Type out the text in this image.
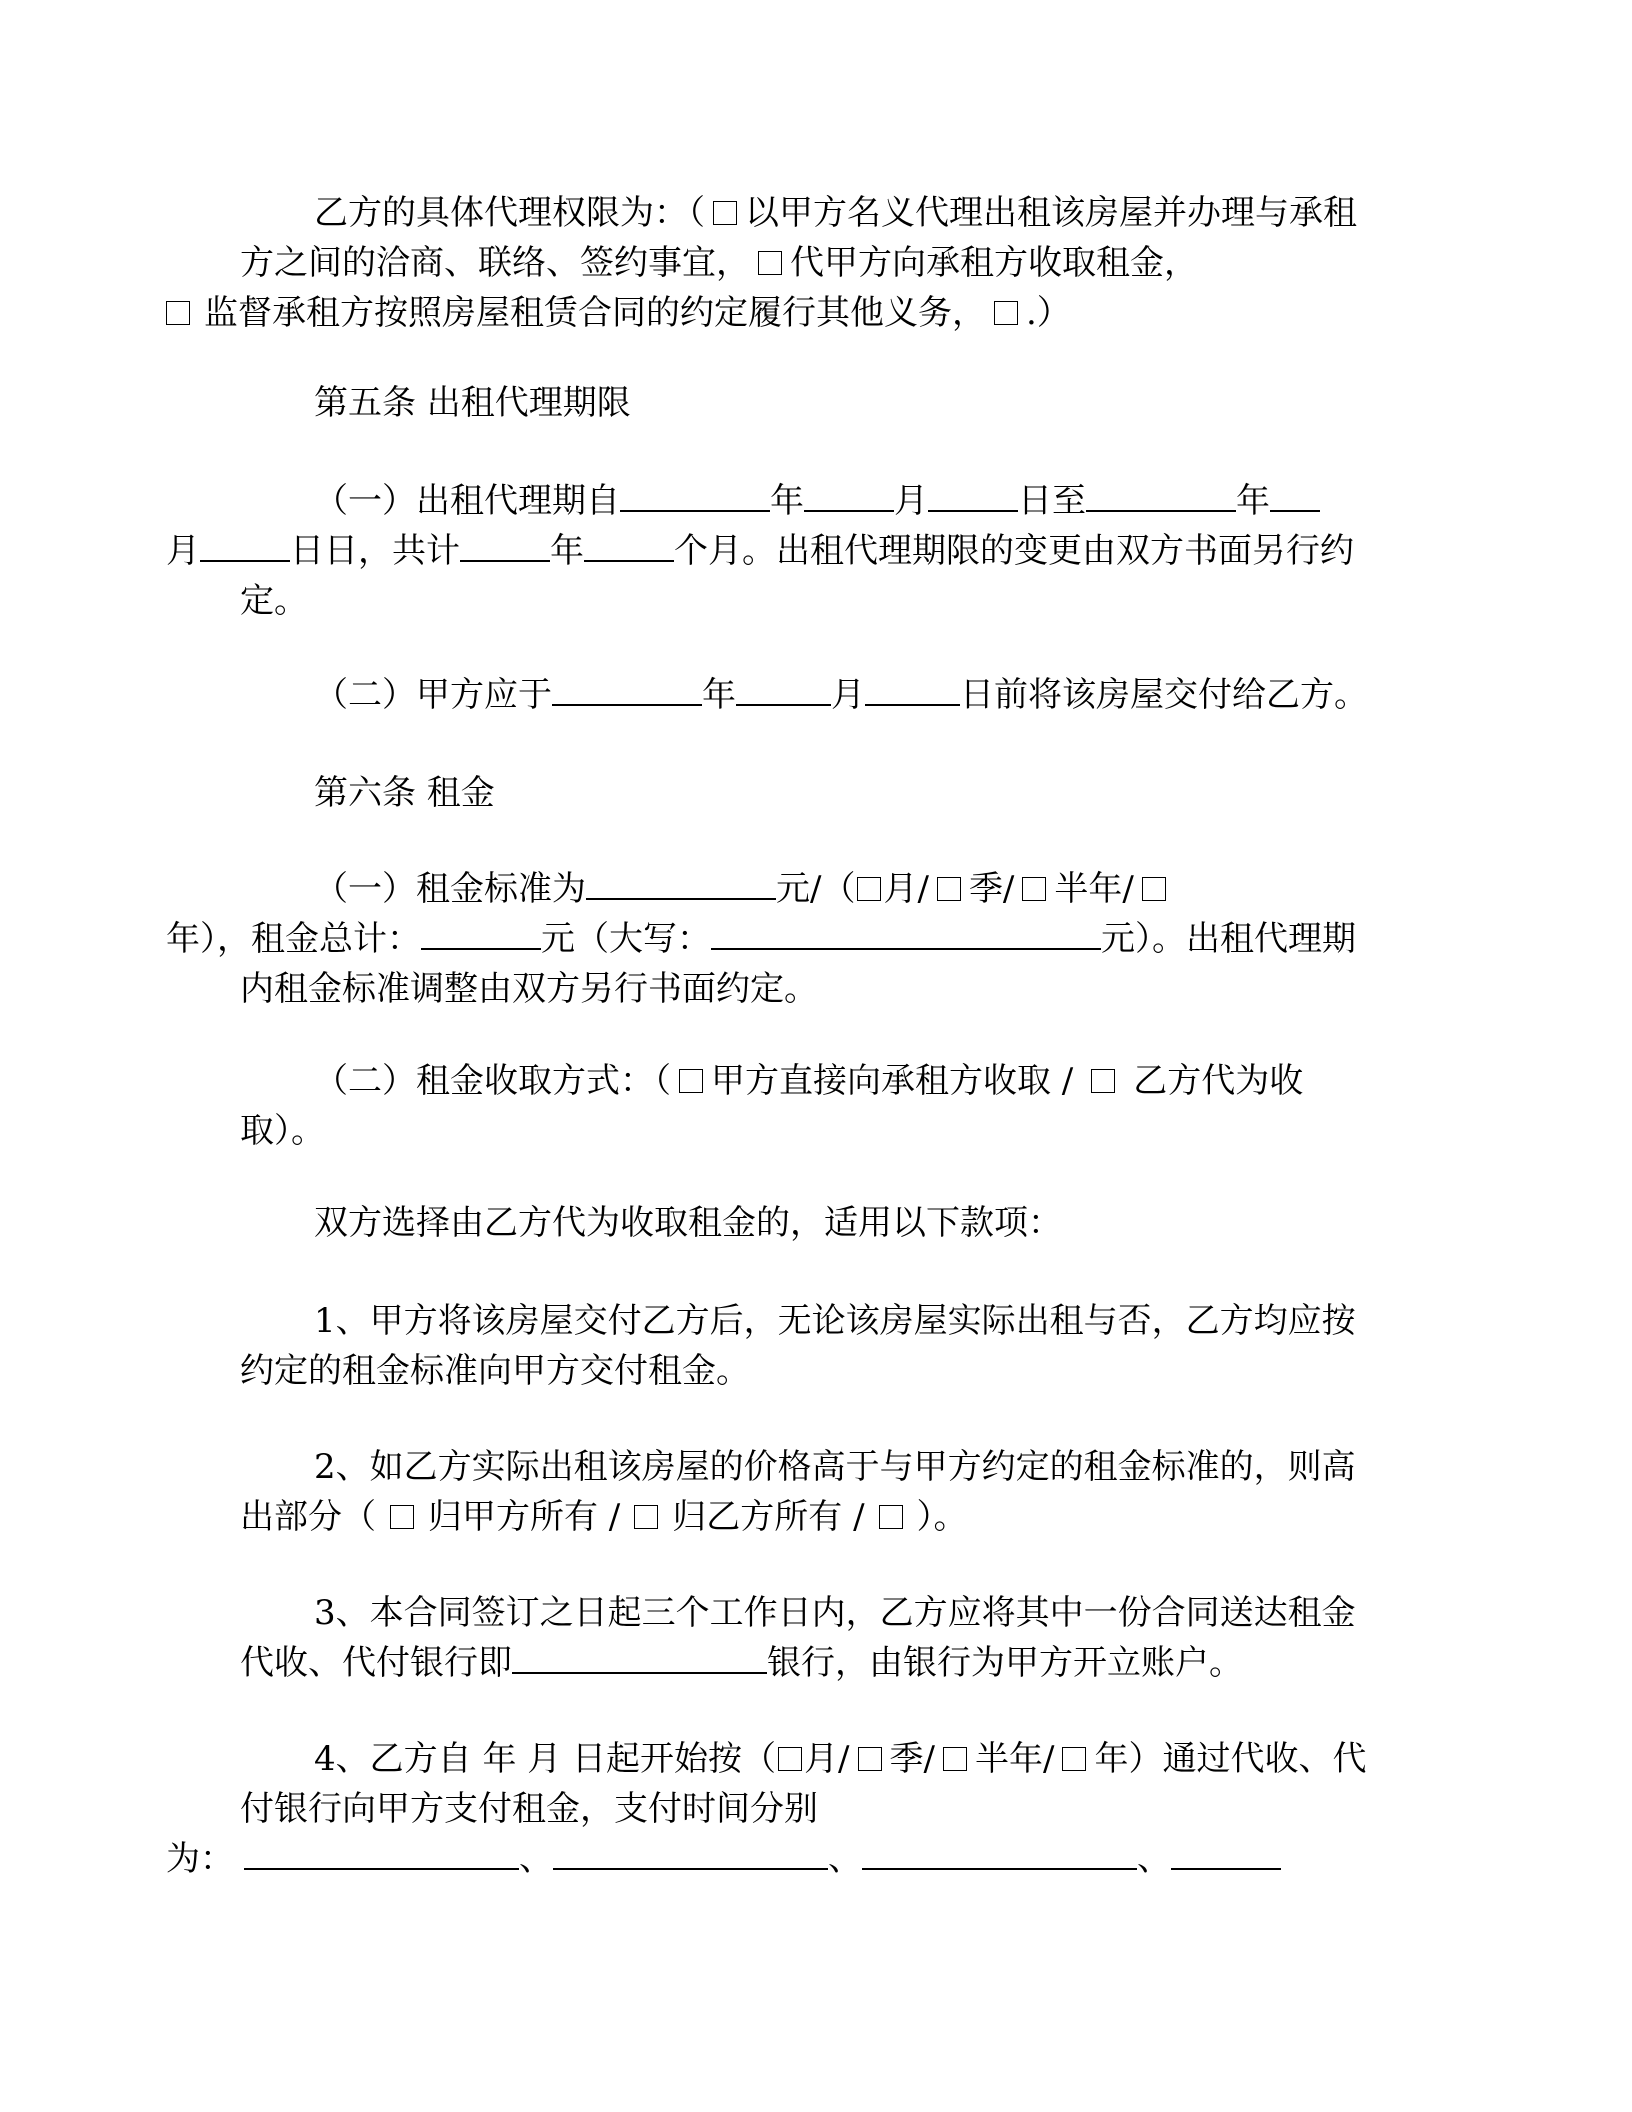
乙方的具体代理权限为：（ 以甲方名义代理出租该房屋并办理与承租方之间的洽商、联络、签约事宜， 代甲方向承租方收取租金，
监督承租方按照房屋租赁合同的约定履行其他义务， .）

第五条 出租代理期限

（一）出租代理期自	年	月	日至	年
月	日日，共计	年	个月。出租代理期限的变更由双方书面另行约定。

（二）甲方应于	年	月	日前将该房屋交付给乙方。

第六条 租金

（一）租金标准为	元/（ 月/ 季/ 半年/
年），租金总计：	元（大写：	元）。出租代理期内租金标准调整由双方另行书面约定。

（二）租金收取方式：（ 甲方直接向承租方收取 / 乙方代为收取）。

双方选择由乙方代为收取租金的，适用以下款项：

1、甲方将该房屋交付乙方后，无论该房屋实际出租与否，乙方均应按约定的租金标准向甲方交付租金。

2、如乙方实际出租该房屋的价格高于与甲方约定的租金标准的，则高出部分（ 归甲方所有 / 归乙方所有 / ）。

3、本合同签订之日起三个工作日内，乙方应将其中一份合同送达租金代收、代付银行即	银行，由银行为甲方开立账户。

4、乙方自 年 月 日起开始按（ 月/ 季/ 半年/ 年）通过代收、代付银行向甲方支付租金，支付时间分别
为：	、	、	、
